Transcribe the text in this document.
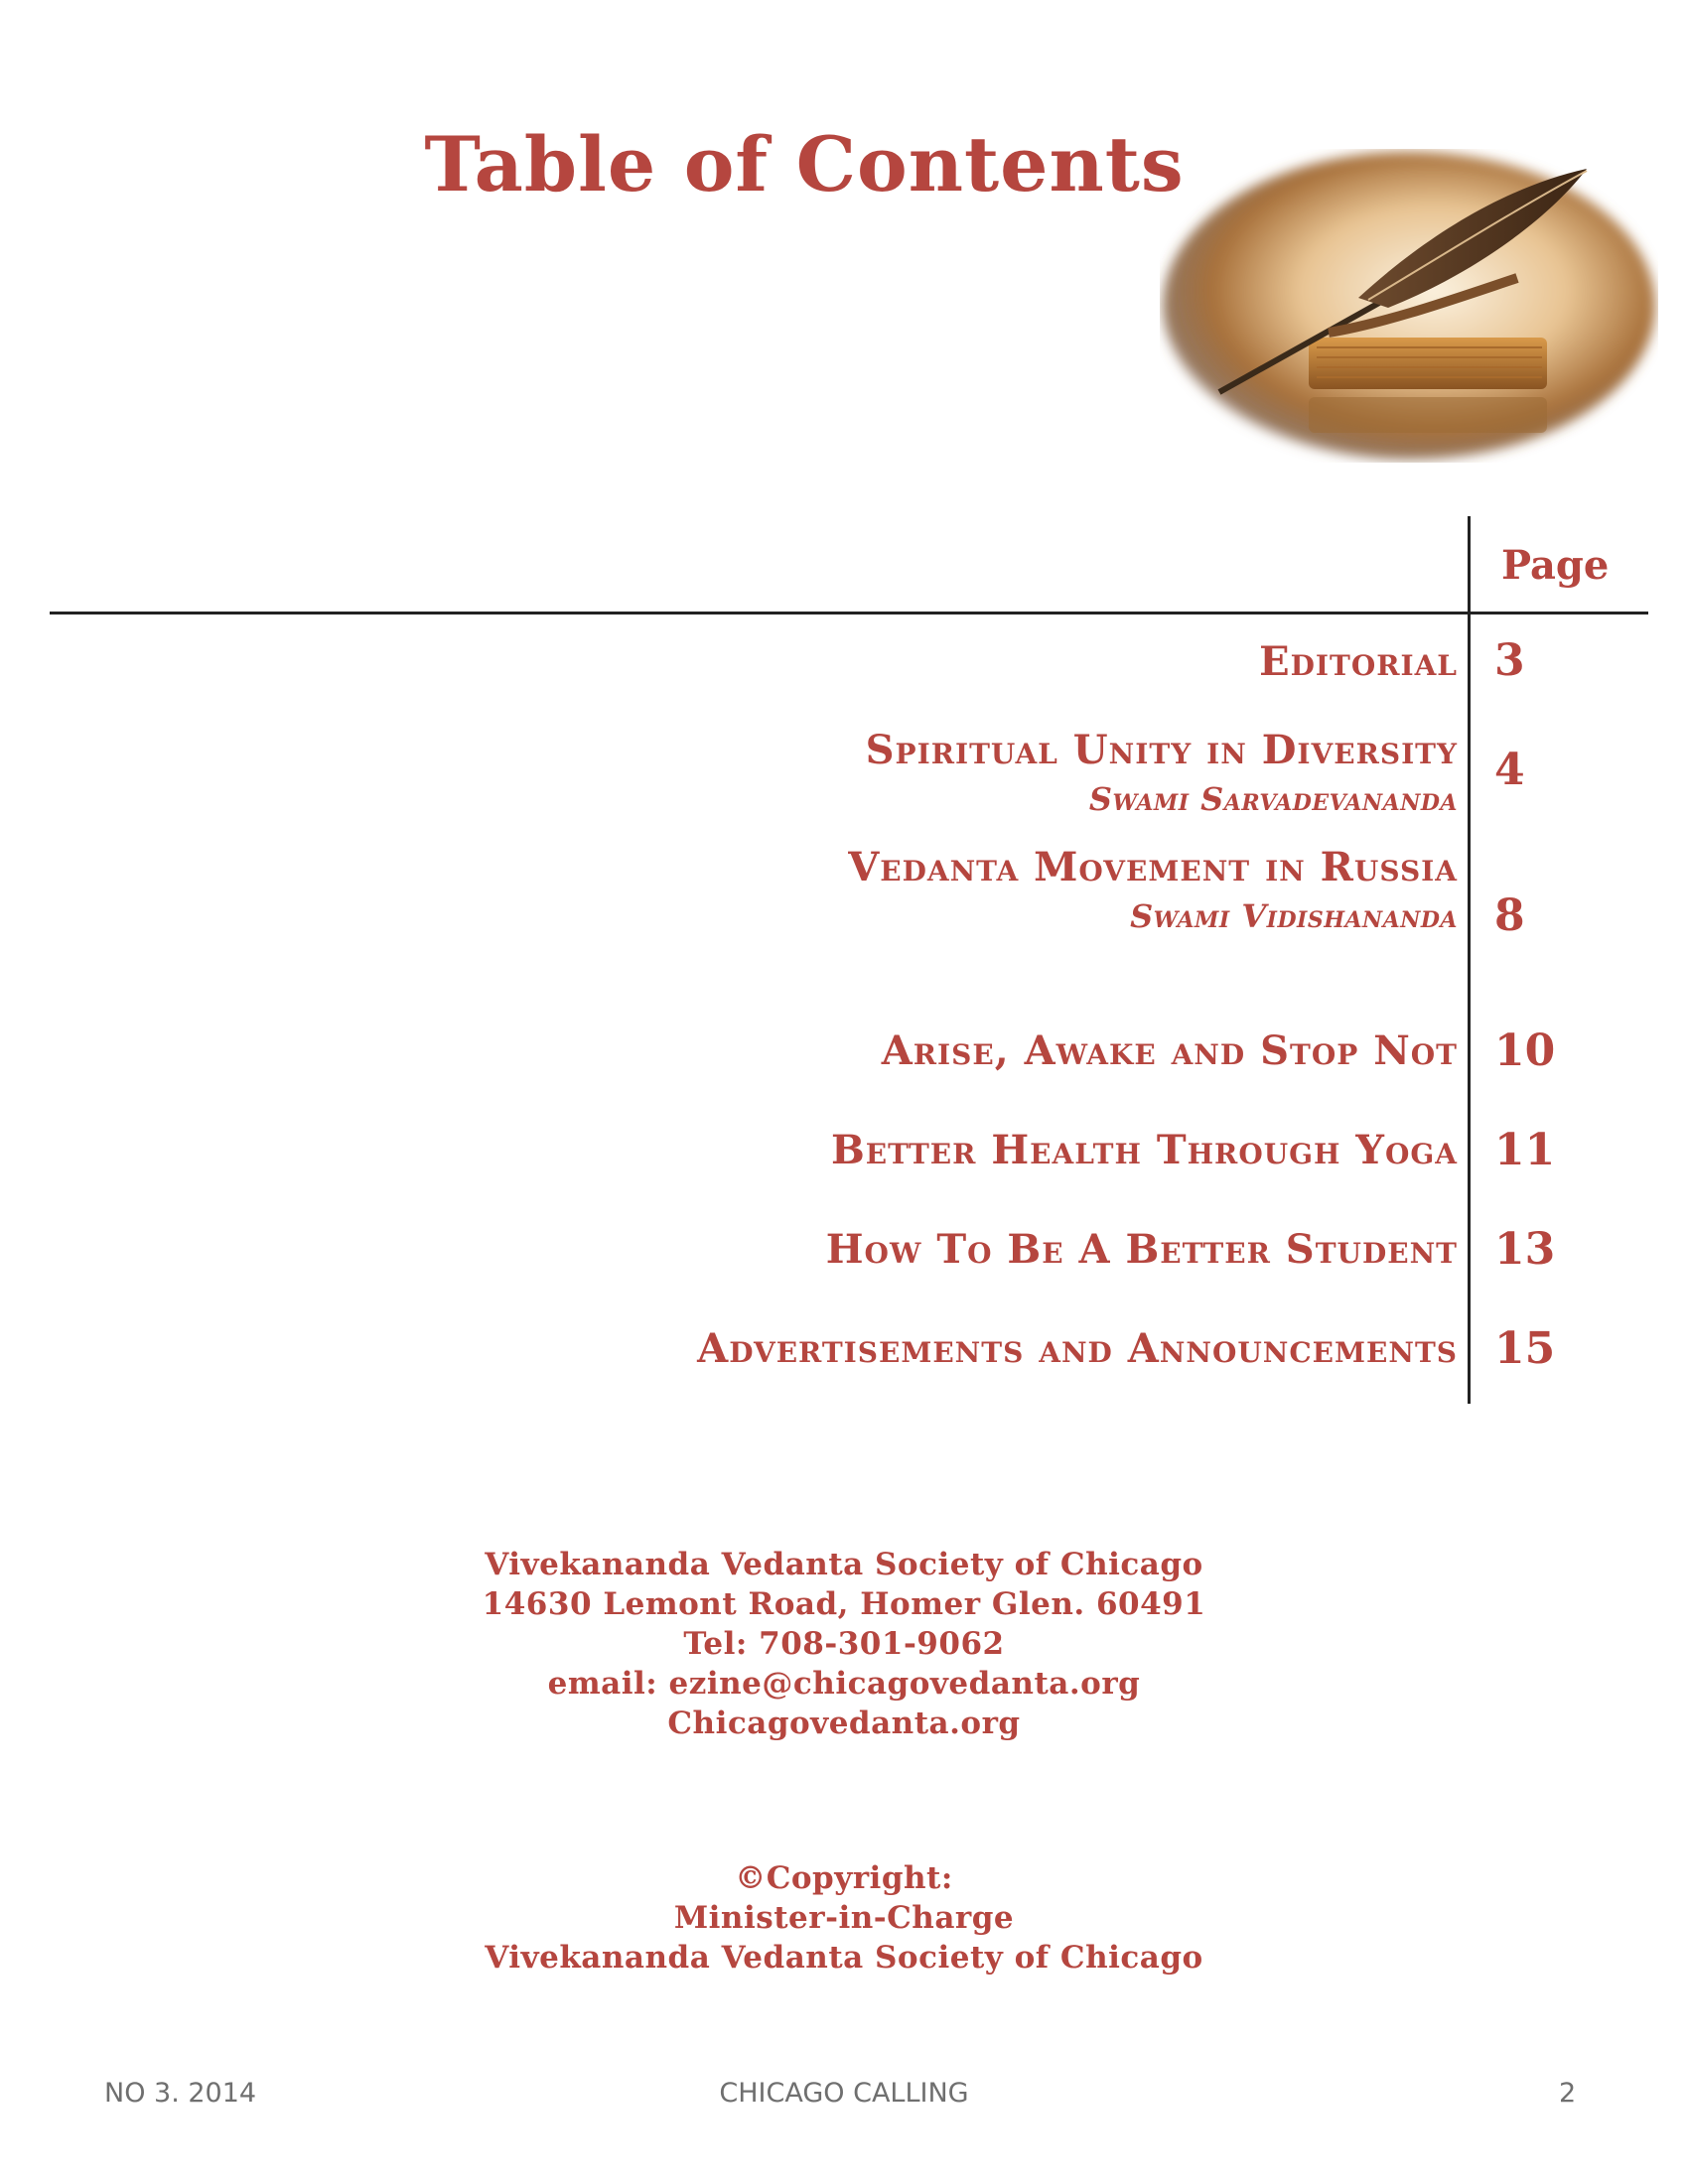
Table of Contents
Page
Editorial 3
Spiritual Unity in Diversity
Swami Sarvadevananda
4
Vedanta Movement in Russia
Swami Vidishananda 8
Arise, Awake and Stop Not 10
Better Health Through Yoga 11
How To Be A Better Student 13
Advertisements and Announcements 15
Vivekananda Vedanta Society of Chicago
14630 Lemont Road, Homer Glen. 60491
Tel: 708-301-9062
email: ezine@chicagovedanta.org
Chicagovedanta.org
©Copyright:
Minister-in-Charge
Vivekananda Vedanta Society of Chicago
NO 3. 2014	CHICAGO CALLING	2
